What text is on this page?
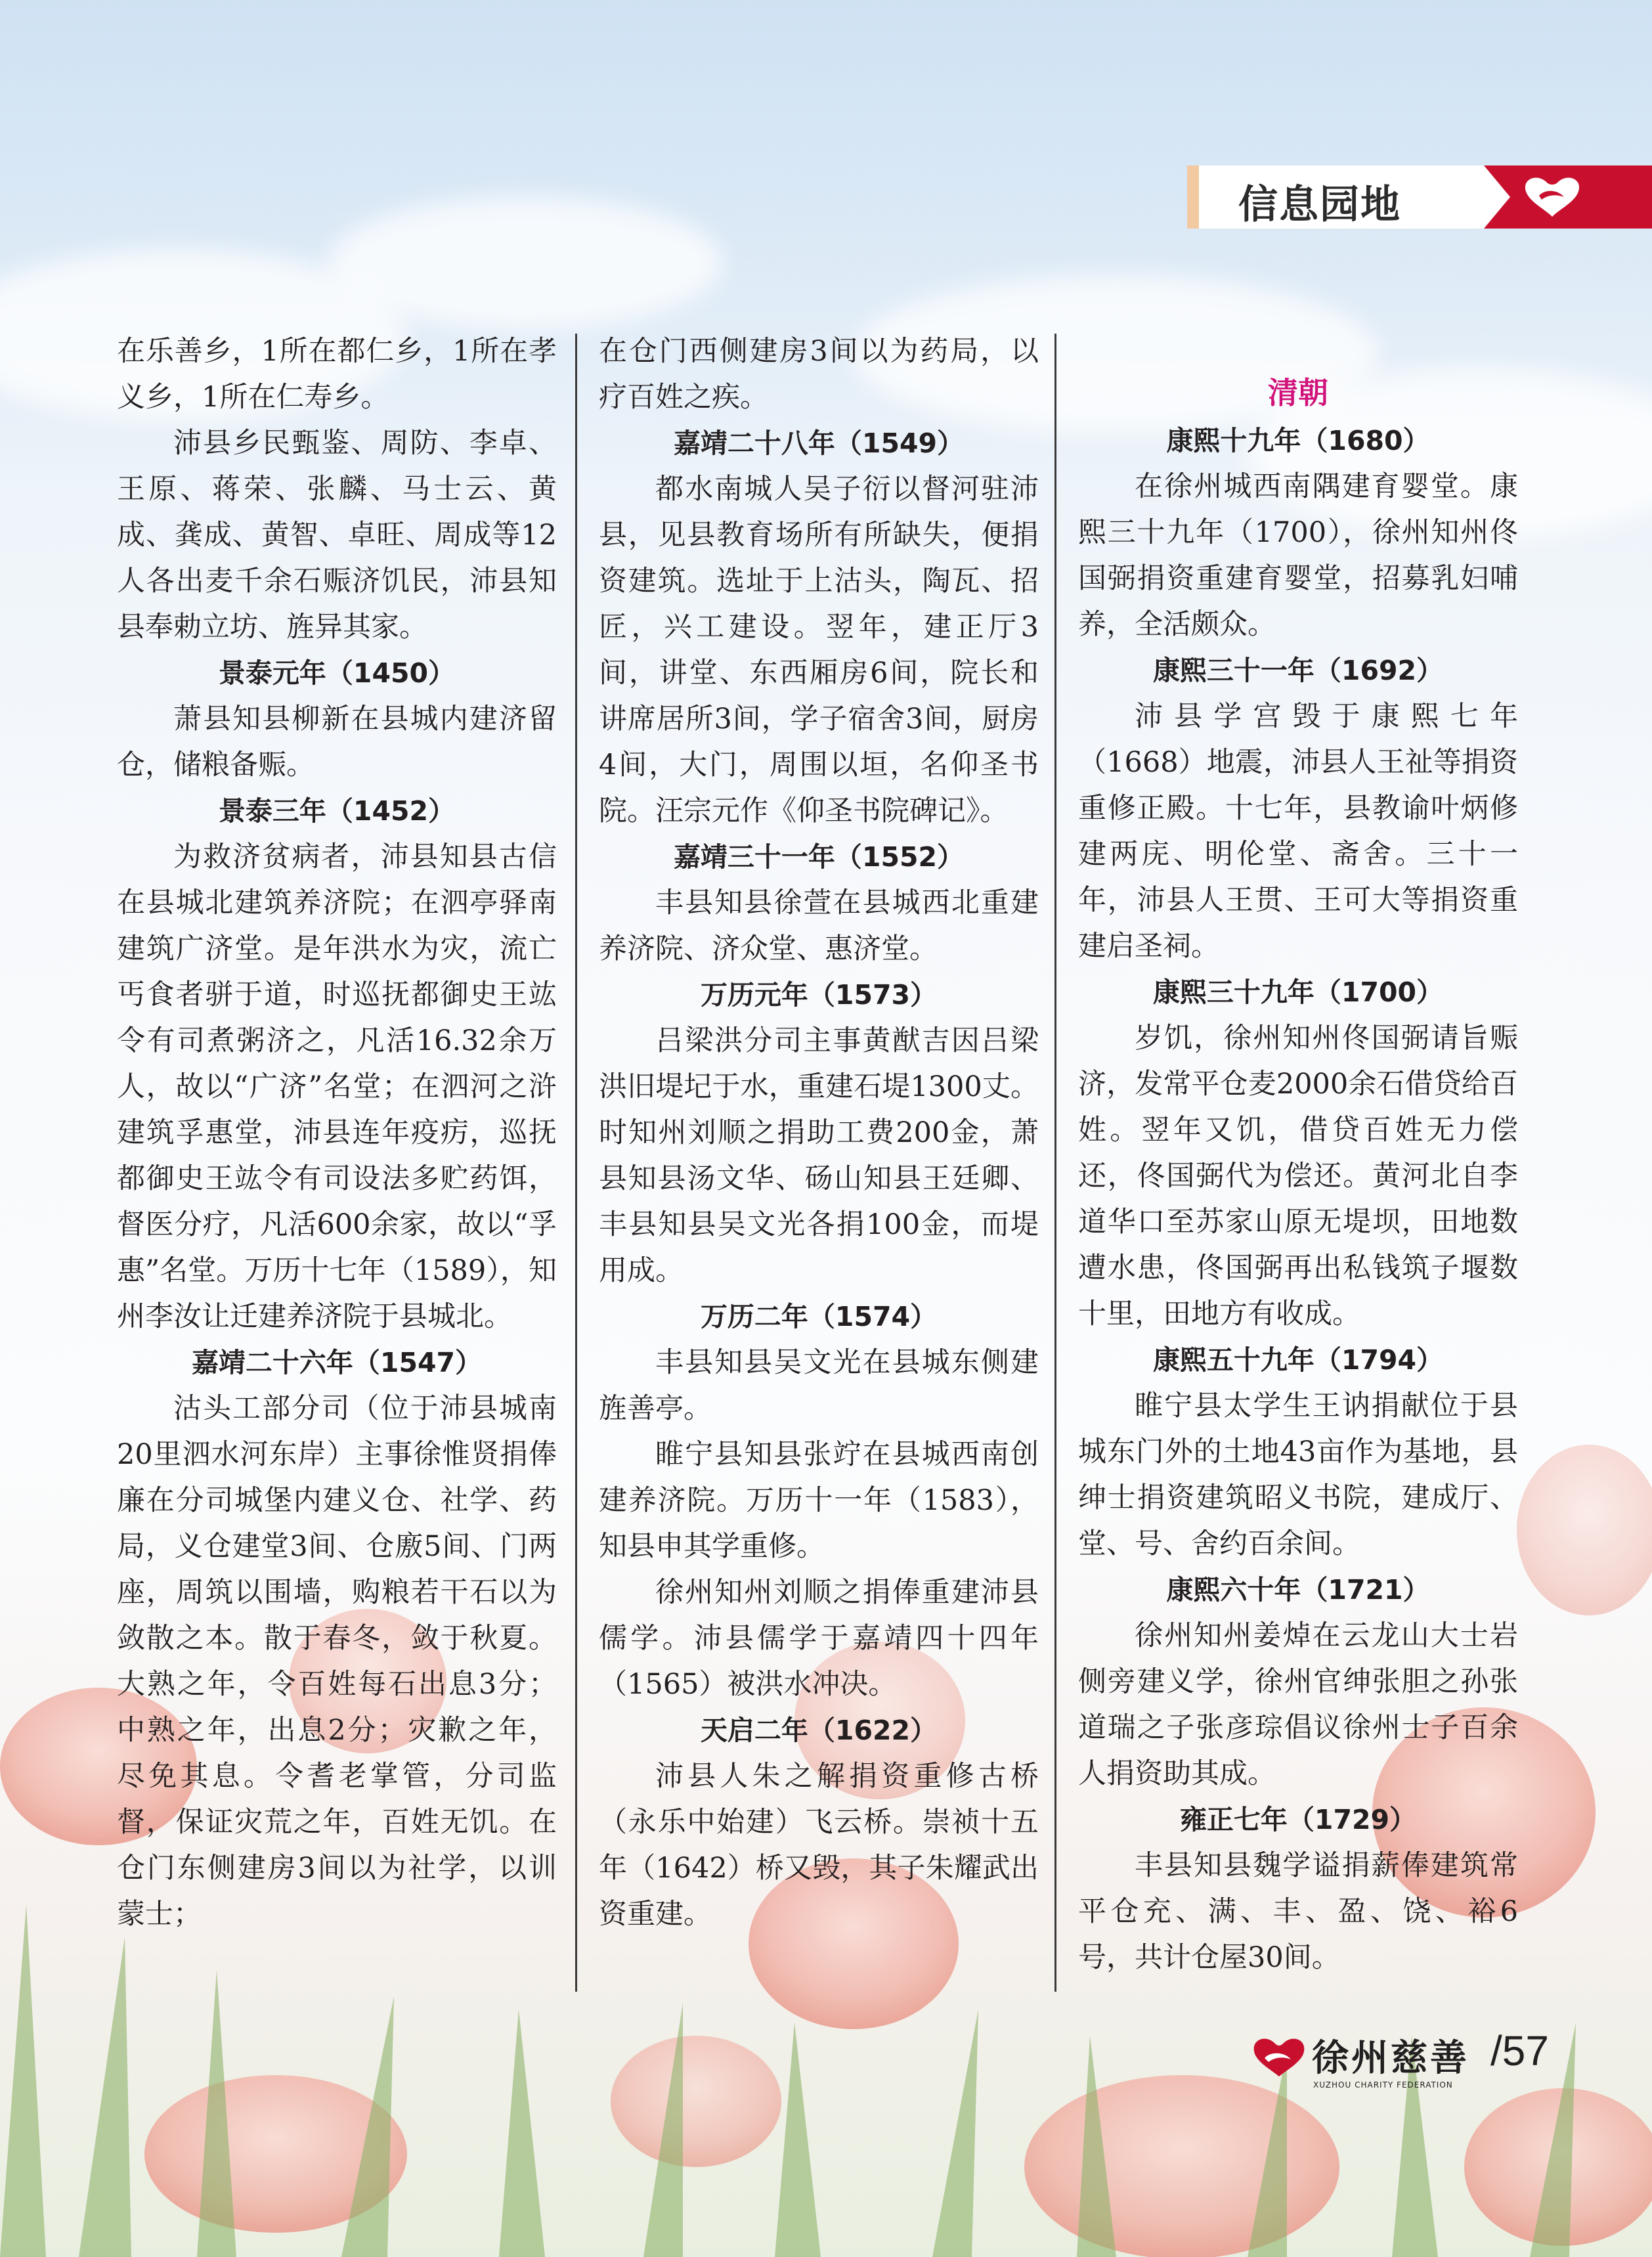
信息园地

在乐善乡，1所在都仁乡，1所在孝义乡，1所在仁寿乡。

沛县乡民甄鉴、周防、李卓、王原、蒋荣、张麟、马士云、黄成、龚成、黄智、卓旺、周成等12人各出麦千余石赈济饥民，沛县知县奉勅立坊、旌异其家。

景泰元年（1450）

萧县知县柳新在县城内建济留仓，储粮备赈。

景泰三年（1452）

为救济贫病者，沛县知县古信在县城北建筑养济院；在泗亭驿南建筑广济堂。是年洪水为灾，流亡丐食者骈于道，时巡抚都御史王竑令有司煮粥济之，凡活16.32余万人，故以“广济”名堂；在泗河之浒建筑孚惠堂，沛县连年疫疠，巡抚都御史王竑令有司设法多贮药饵，督医分疗，凡活600余家，故以“孚惠”名堂。万历十七年（1589），知州李汝让迁建养济院于县城北。

嘉靖二十六年（1547）

沽头工部分司（位于沛县城南20里泗水河东岸）主事徐惟贤捐俸廉在分司城堡内建义仓、社学、药局，义仓建堂3间、仓廒5间、门两座，周筑以围墙，购粮若干石以为敛散之本。散于春冬，敛于秋夏。大熟之年，令百姓每石出息3分；中熟之年，出息2分；灾歉之年，尽免其息。令耆老掌管，分司监督，保证灾荒之年，百姓无饥。在仓门东侧建房3间以为社学，以训蒙士；

在仓门西侧建房3间以为药局，以疗百姓之疾。

嘉靖二十八年（1549）

都水南城人吴子衍以督河驻沛县，见县教育场所有所缺失，便捐资建筑。选址于上沽头，陶瓦、招匠，兴工建设。翌年，建正厅3间，讲堂、东西厢房6间，院长和讲席居所3间，学子宿舍3间，厨房4间，大门，周围以垣，名仰圣书院。汪宗元作《仰圣书院碑记》。

嘉靖三十一年（1552）

丰县知县徐萱在县城西北重建养济院、济众堂、惠济堂。

万历元年（1573）

吕梁洪分司主事黄猷吉因吕梁洪旧堤圮于水，重建石堤1300丈。时知州刘顺之捐助工费200金，萧县知县汤文华、砀山知县王廷卿、丰县知县吴文光各捐100金，而堤用成。

万历二年（1574）

丰县知县吴文光在县城东侧建旌善亭。

睢宁县知县张竚在县城西南创建养济院。万历十一年（1583），知县申其学重修。

徐州知州刘顺之捐俸重建沛县儒学。沛县儒学于嘉靖四十四年（1565）被洪水冲决。

天启二年（1622）

沛县人朱之解捐资重修古桥（永乐中始建）飞云桥。崇祯十五年（1642）桥又毁，其子朱耀武出资重建。

清朝
康熙十九年（1680）

在徐州城西南隅建育婴堂。康熙三十九年（1700），徐州知州佟国弼捐资重建育婴堂，招募乳妇哺养，全活颇众。

康熙三十一年（1692）

沛县学宫毁于康熙七年（1668）地震，沛县人王祉等捐资重修正殿。十七年，县教谕叶炳修建两庑、明伦堂、斋舍。三十一年，沛县人王贯、王可大等捐资重建启圣祠。

康熙三十九年（1700）

岁饥，徐州知州佟国弼请旨赈济，发常平仓麦2000余石借贷给百姓。翌年又饥，借贷百姓无力偿还，佟国弼代为偿还。黄河北自李道华口至苏家山原无堤坝，田地数遭水患，佟国弼再出私钱筑子堰数十里，田地方有收成。

康熙五十九年（1794）

睢宁县太学生王讷捐献位于县城东门外的土地43亩作为基地，县绅士捐资建筑昭义书院，建成厅、堂、号、舍约百余间。

康熙六十年（1721）

徐州知州姜焯在云龙山大士岩侧旁建义学，徐州官绅张胆之孙张道瑞之子张彦琮倡议徐州士子百余人捐资助其成。

雍正七年（1729）

丰县知县魏学谥捐薪俸建筑常平仓充、满、丰、盈、饶、裕6号，共计仓屋30间。

徐州慈善
XUZHOU CHARITY FEDERATION
/57
